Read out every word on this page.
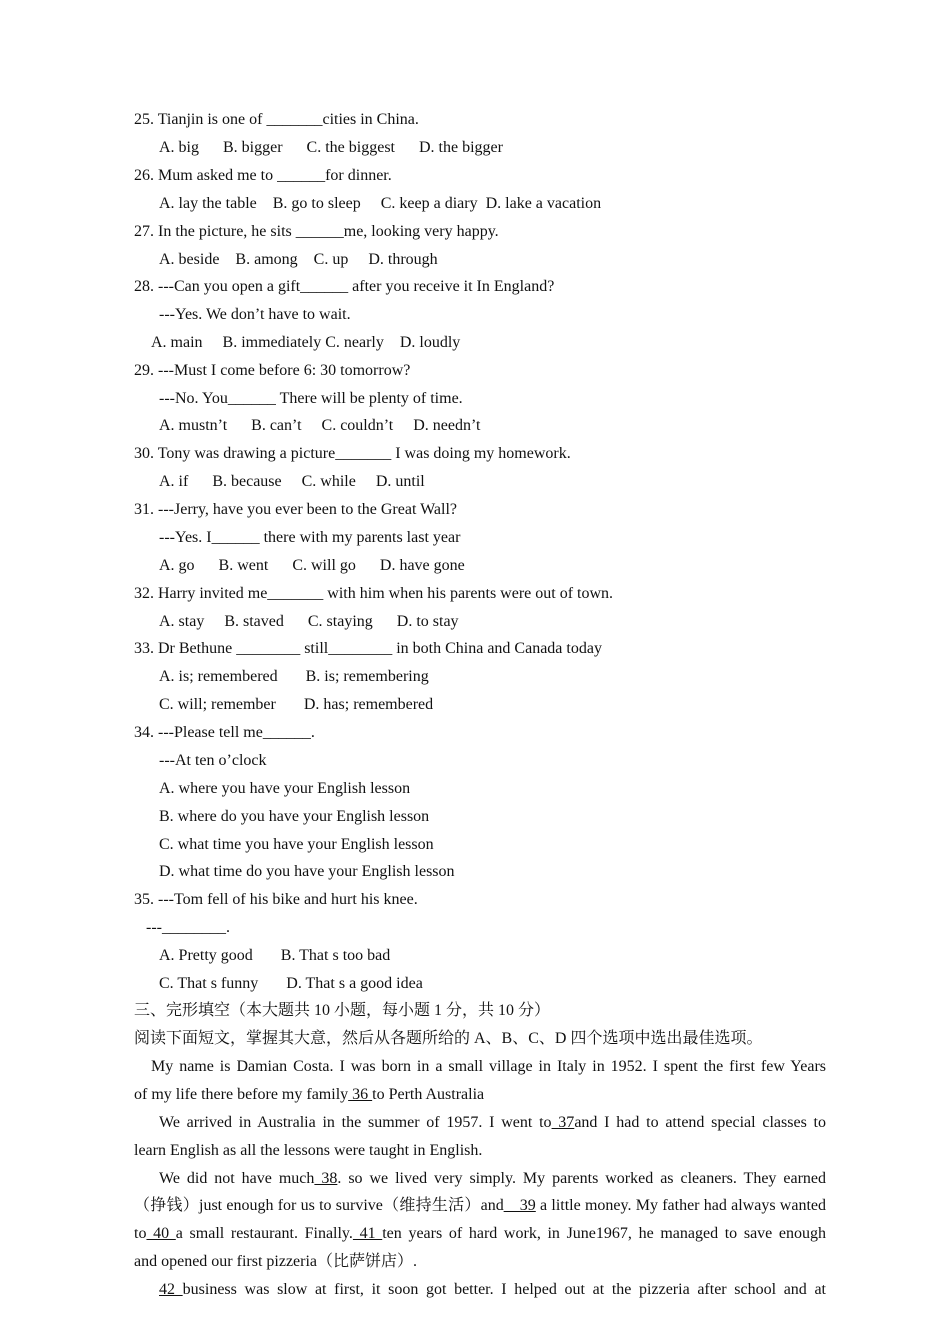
25. Tianjin is one of _______cities in China.
A. big      B. bigger      C. the biggest      D. the bigger
26. Mum asked me to ______for dinner.
A. lay the table    B. go to sleep     C. keep a diary  D. lake a vacation
27. In the picture, he sits ______me, looking very happy.
A. beside    B. among    C. up     D. through
28. ---Can you open a gift______ after you receive it In England?
---Yes. We don’t have to wait.
A. main     B. immediately C. nearly    D. loudly
29. ---Must I come before 6: 30 tomorrow?
---No. You______ There will be plenty of time.
A. mustn’t      B. can’t     C. couldn’t     D. needn’t
30. Tony was drawing a picture_______ I was doing my homework.
A. if      B. because     C. while     D. until
31. ---Jerry, have you ever been to the Great Wall?
---Yes. I______ there with my parents last year
A. go      B. went      C. will go      D. have gone
32. Harry invited me_______ with him when his parents were out of town.
A. stay     B. staved      C. staying      D. to stay
33. Dr Bethune ________ still________ in both China and Canada today
A. is; remembered       B. is; remembering
C. will; remember       D. has; remembered
34. ---Please tell me______.
---At ten o’clock
A. where you have your English lesson
B. where do you have your English lesson
C. what time you have your English lesson
D. what time do you have your English lesson
35. ---Tom fell of his bike and hurt his knee.
---________.
A. Pretty good       B. That s too bad
C. That s funny       D. That s a good idea
三、完形填空（本大题共 10 小题，每小题 1 分，共 10 分）
阅读下面短文，掌握其大意，然后从各题所给的 A、B、C、D 四个选项中选出最佳选项。
My name is Damian Costa. I was born in a small village in Italy in 1952. I spent the first few Years
of my life there before my family 36 to Perth Australia
We arrived in Australia in the summer of 1957. I went to 37and I had to attend special classes to
learn English as all the lessons were taught in English.
We did not have much 38. so we lived very simply. My parents worked as cleaners. They earned
（挣钱）just enough for us to survive（维持生活）and__39 a little money. My father had always wanted
to 40 a small restaurant. Finally. 41 ten years of hard work, in June1967, he managed to save enough
and opened our first pizzeria（比萨饼店）.
42 business was slow at first, it soon got better. I helped out at the pizzeria after school and at
